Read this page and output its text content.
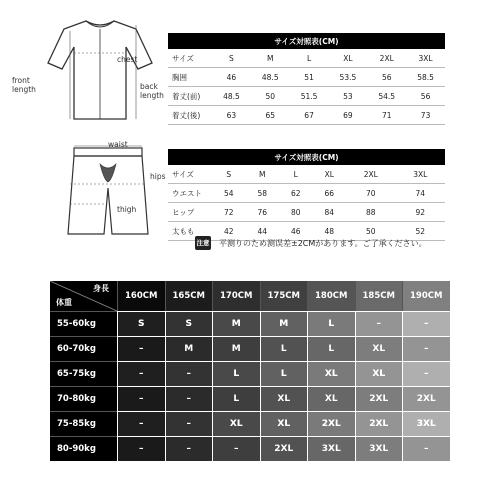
chest
front
length	back
length
サイズ対照表(CM)						
サイズ	S	M	L	XL	2XL	3XL
胸囲	46	48.5	51	53.5	56	58.5
着丈(前)	48.5	50	51.5	53	54.5	56
着丈(後)	63	65	67	69	71	73
waist
hips
thigh
サイズ対照表(CM)						
サイズ	S	M	L	XL	2XL	3XL
ウエスト	54	58	62	66	70	74
ヒップ	72	76	80	84	88	92
太もも	42	44	46	48	50	52
注意 平测りのため测误差±2CMがあります。ご了承ください。
身長
体重
160CM	165CM	170CM	175CM	180CM	185CM	190CM
55-60kg	S	S	M	M	L	–	–
60-70kg	–	M	M	L	L	XL	–
65-75kg	–	–	L	L	XL	XL	–
70-80kg	–	–	L	XL	XL	2XL	2XL
75-85kg	–	–	XL	XL	2XL	2XL	3XL
80-90kg	–	–	–	2XL	3XL	3XL	–
